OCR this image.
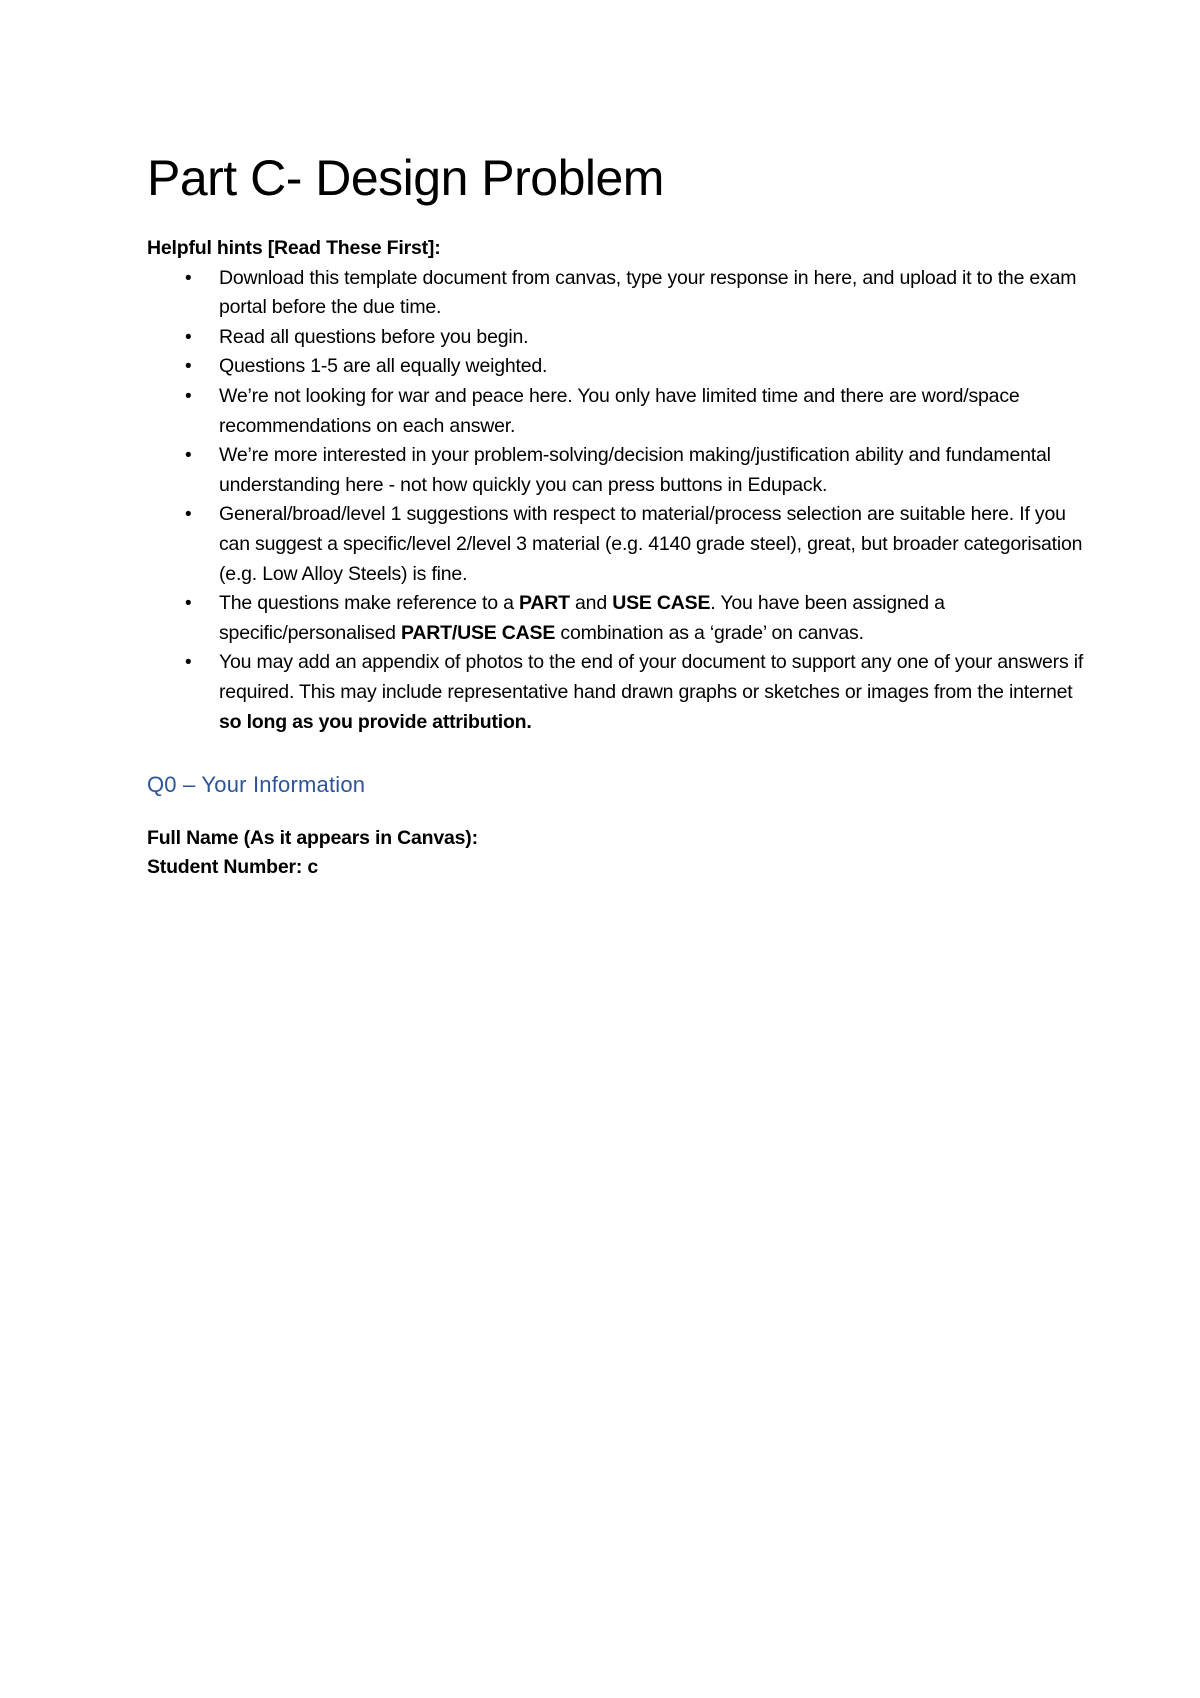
Part C- Design Problem

Helpful hints [Read These First]:

• Download this template document from canvas, type your response in here, and upload it to the exam portal before the due time.
• Read all questions before you begin.
• Questions 1-5 are all equally weighted.
• We’re not looking for war and peace here. You only have limited time and there are word/space recommendations on each answer.
• We’re more interested in your problem-solving/decision making/justification ability and fundamental understanding here - not how quickly you can press buttons in Edupack.
• General/broad/level 1 suggestions with respect to material/process selection are suitable here. If you can suggest a specific/level 2/level 3 material (e.g. 4140 grade steel), great, but broader categorisation (e.g. Low Alloy Steels) is fine.
• The questions make reference to a PART and USE CASE. You have been assigned a specific/personalised PART/USE CASE combination as a ‘grade’ on canvas.
• You may add an appendix of photos to the end of your document to support any one of your answers if required. This may include representative hand drawn graphs or sketches or images from the internet so long as you provide attribution.
Q0 – Your Information

Full Name (As it appears in Canvas):

Student Number: c
